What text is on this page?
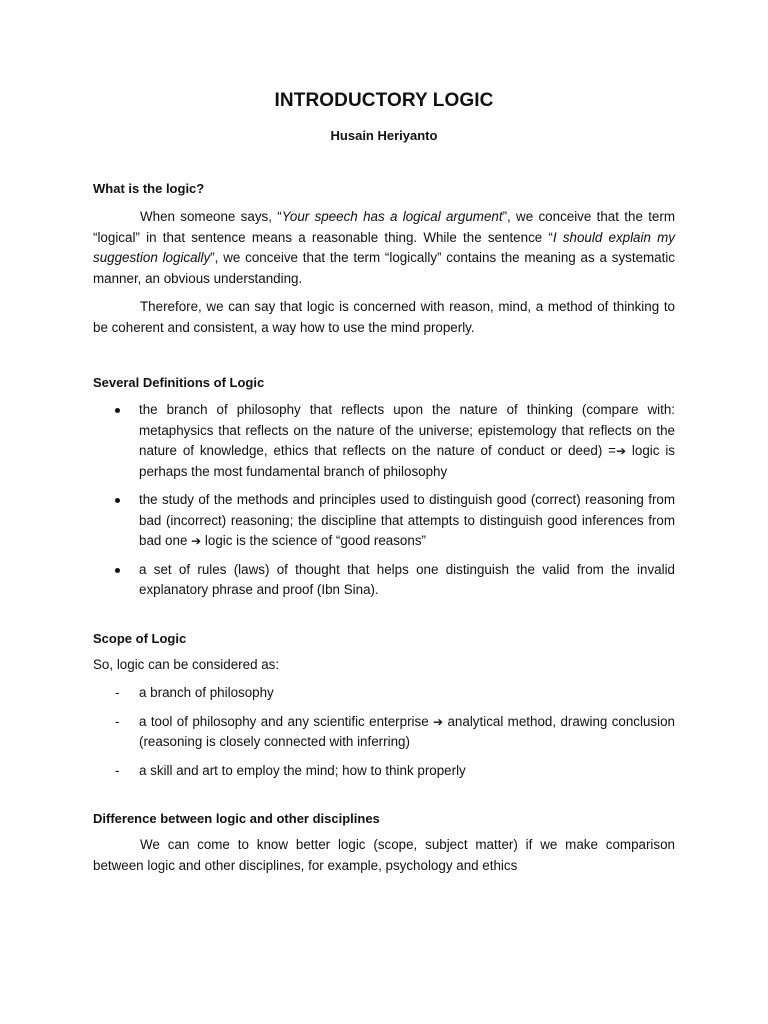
INTRODUCTORY LOGIC
Husain Heriyanto
What is the logic?

When someone says, “Your speech has a logical argument”, we conceive that the term “logical” in that sentence means a reasonable thing. While the sentence “I should explain my suggestion logically”, we conceive that the term “logically” contains the meaning as a systematic manner, an obvious understanding.

Therefore, we can say that logic is concerned with reason, mind, a method of thinking to be coherent and consistent, a way how to use the mind properly.

Several Definitions of Logic
the branch of philosophy that reflects upon the nature of thinking (compare with: metaphysics that reflects on the nature of the universe; epistemology that reflects on the nature of knowledge, ethics that reflects on the nature of conduct or deed) =➔ logic is perhaps the most fundamental branch of philosophy
the study of the methods and principles used to distinguish good (correct) reasoning from bad (incorrect) reasoning; the discipline that attempts to distinguish good inferences from bad one ➔ logic is the science of “good reasons”
a set of rules (laws) of thought that helps one distinguish the valid from the invalid explanatory phrase and proof (Ibn Sina).
Scope of Logic

So, logic can be considered as:

- a branch of philosophy
- a tool of philosophy and any scientific enterprise ➔ analytical method, drawing conclusion (reasoning is closely connected with inferring)
- a skill and art to employ the mind; how to think properly
Difference between logic and other disciplines

We can come to know better logic (scope, subject matter) if we make comparison between logic and other disciplines, for example, psychology and ethics
